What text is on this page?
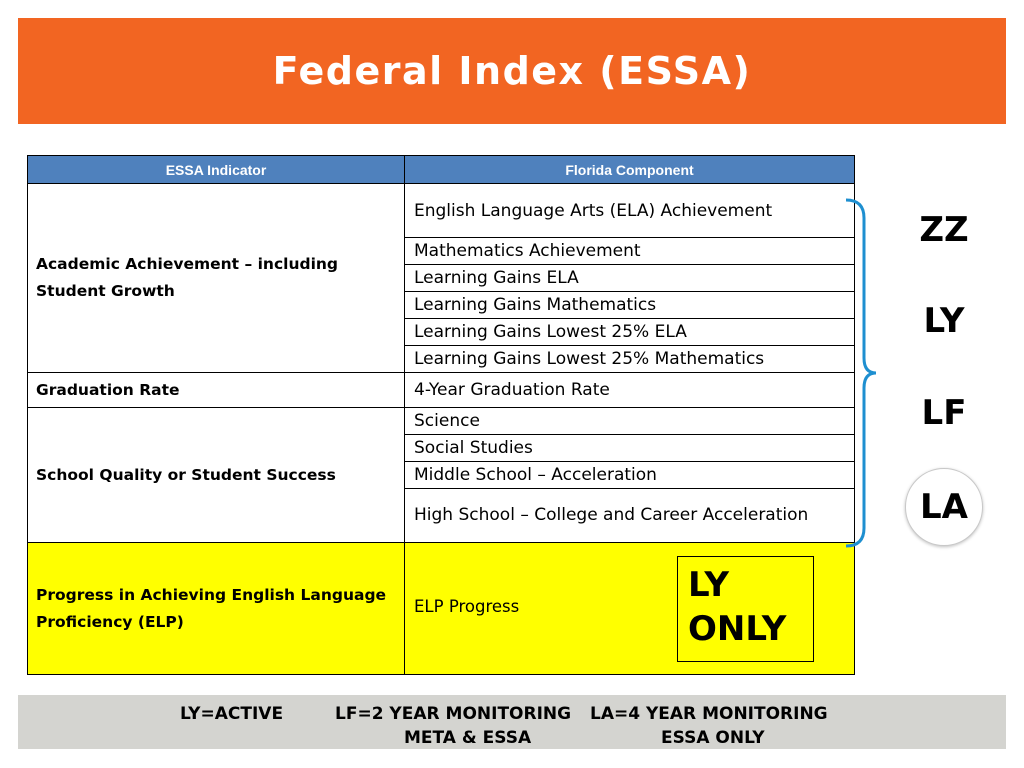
Federal Index (ESSA)
ESSA Indicator	Florida Component
Academic Achievement – including Student Growth	English Language Arts (ELA) Achievement
	Mathematics Achievement
	Learning Gains ELA
	Learning Gains Mathematics
	Learning Gains Lowest 25% ELA
	Learning Gains Lowest 25% Mathematics
Graduation Rate	4-Year Graduation Rate
School Quality or Student Success	Science
	Social Studies
	Middle School – Acceleration
	High School – College and Career Acceleration
Progress in Achieving English Language Proficiency (ELP)	ELP Progress
LY
ONLY
ZZ
LY
LF
LA
LY=ACTIVE	LF=2 YEAR MONITORING LA=4 YEAR MONITORING
META & ESSA	ESSA ONLY
